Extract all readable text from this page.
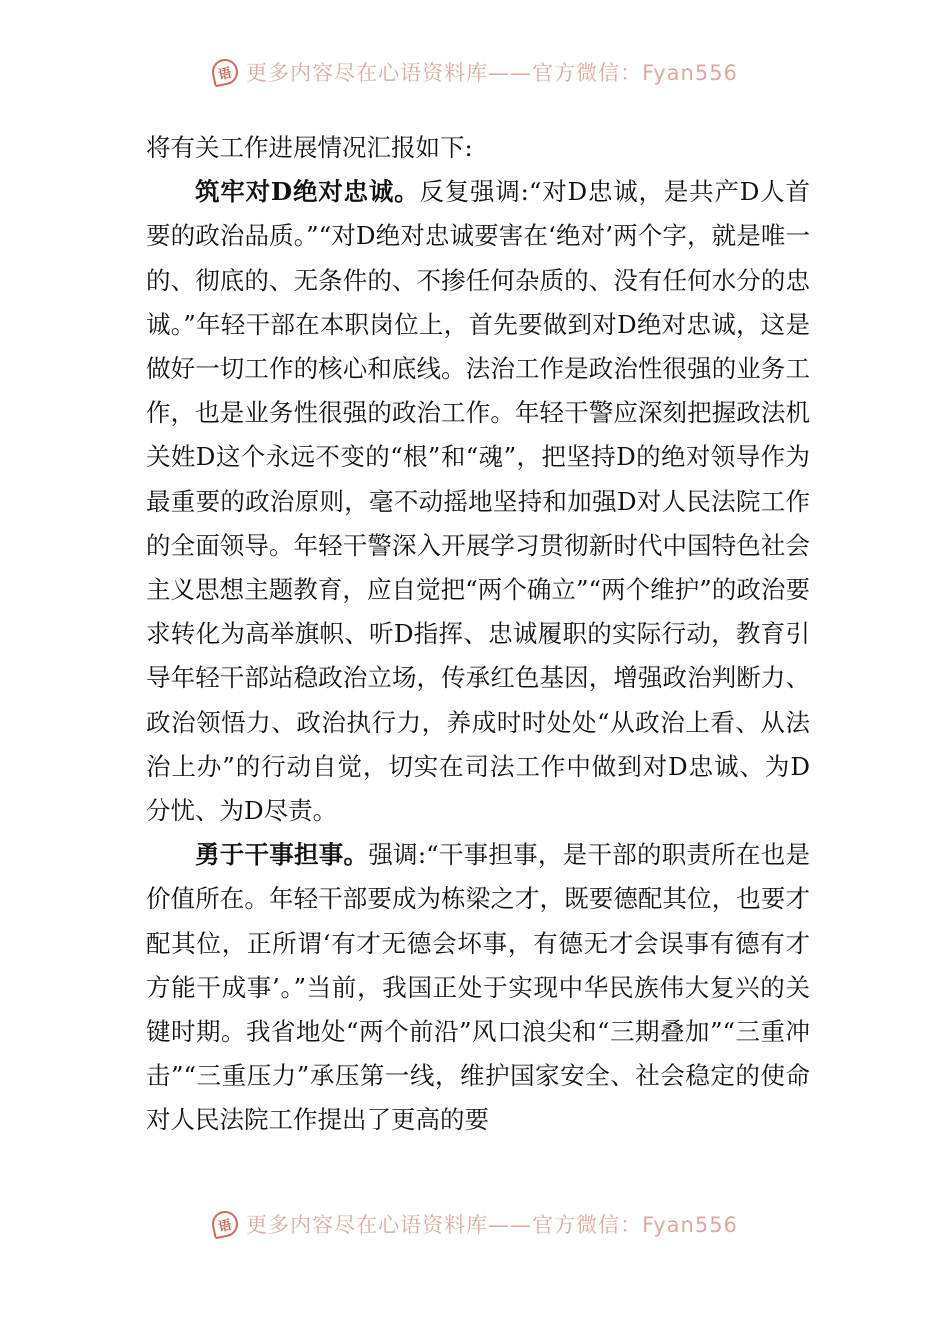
语 更多内容尽在心语资料库——官方微信：Fyan556

将有关工作进展情况汇报如下:

筑牢对D绝对忠诚。反复强调:“对D忠诚，是共产D人首要的政治品质。”“对D绝对忠诚要害在‘绝对’两个字，就是唯一的、彻底的、无条件的、不掺任何杂质的、没有任何水分的忠诚。”年轻干部在本职岗位上，首先要做到对D绝对忠诚，这是做好一切工作的核心和底线。法治工作是政治性很强的业务工作，也是业务性很强的政治工作。年轻干警应深刻把握政法机关姓D这个永远不变的“根”和“魂”，把坚持D的绝对领导作为最重要的政治原则，毫不动摇地坚持和加强D对人民法院工作的全面领导。年轻干警深入开展学习贯彻新时代中国特色社会主义思想主题教育，应自觉把“两个确立”“两个维护”的政治要求转化为高举旗帜、听D指挥、忠诚履职的实际行动，教育引导年轻干部站稳政治立场，传承红色基因，增强政治判断力、政治领悟力、政治执行力，养成时时处处“从政治上看、从法治上办”的行动自觉，切实在司法工作中做到对D忠诚、为D分忧、为D尽责。

勇于干事担事。强调:“干事担事，是干部的职责所在也是价值所在。年轻干部要成为栋梁之才，既要德配其位，也要才配其位，正所谓‘有才无德会坏事，有德无才会误事有德有才方能干成事’。”当前，我国正处于实现中华民族伟大复兴的关键时期。我省地处“两个前沿”风口浪尖和“三期叠加”“三重冲击”“三重压力”承压第一线，维护国家安全、社会稳定的使命对人民法院工作提出了更高的要

语 更多内容尽在心语资料库——官方微信：Fyan556
